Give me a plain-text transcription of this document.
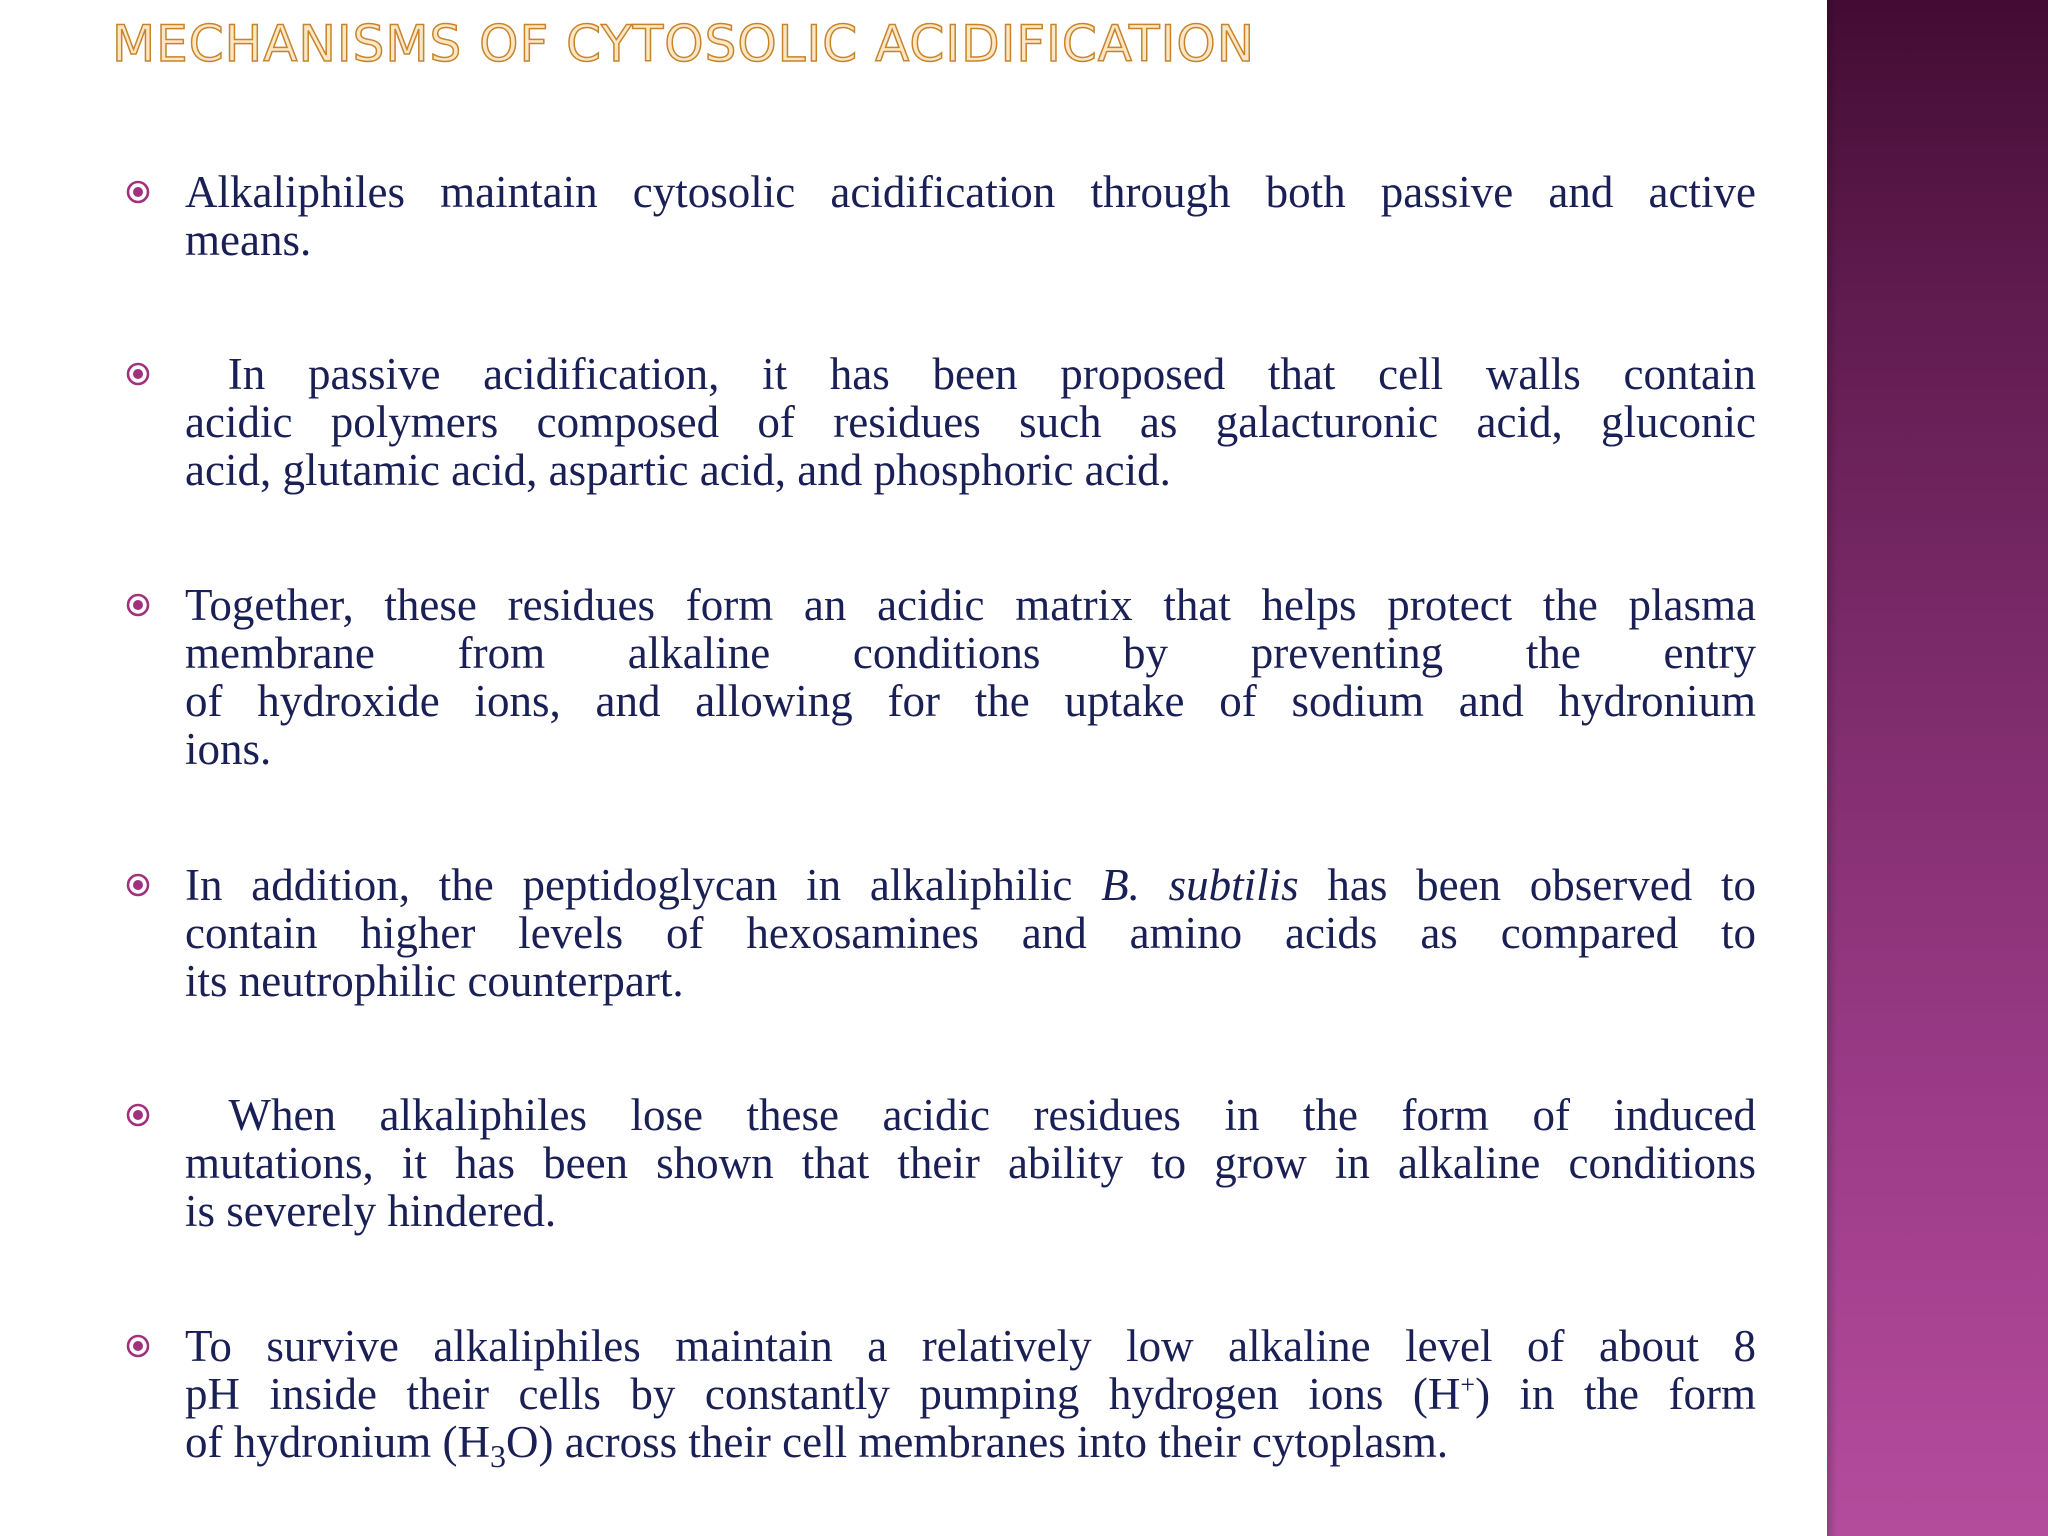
MECHANISMS OF CYTOSOLIC ACIDIFICATION
Alkaliphiles maintain cytosolic acidification through both passive and active
means.
In passive acidification, it has been proposed that cell walls contain
acidic polymers composed of residues such as galacturonic acid, gluconic
acid, glutamic acid, aspartic acid, and phosphoric acid.
Together, these residues form an acidic matrix that helps protect the plasma
membrane from alkaline conditions by preventing the entry
of hydroxide ions, and allowing for the uptake of sodium and hydronium
ions.
In addition, the peptidoglycan in alkaliphilic B. subtilis has been observed to
contain higher levels of hexosamines and amino acids as compared to
its neutrophilic counterpart.
When alkaliphiles lose these acidic residues in the form of induced
mutations, it has been shown that their ability to grow in alkaline conditions
is severely hindered.
To survive alkaliphiles maintain a relatively low alkaline level of about 8
pH inside their cells by constantly pumping hydrogen ions (H+) in the form
of hydronium $(H_3O)$ across their cell membranes into their cytoplasm.
